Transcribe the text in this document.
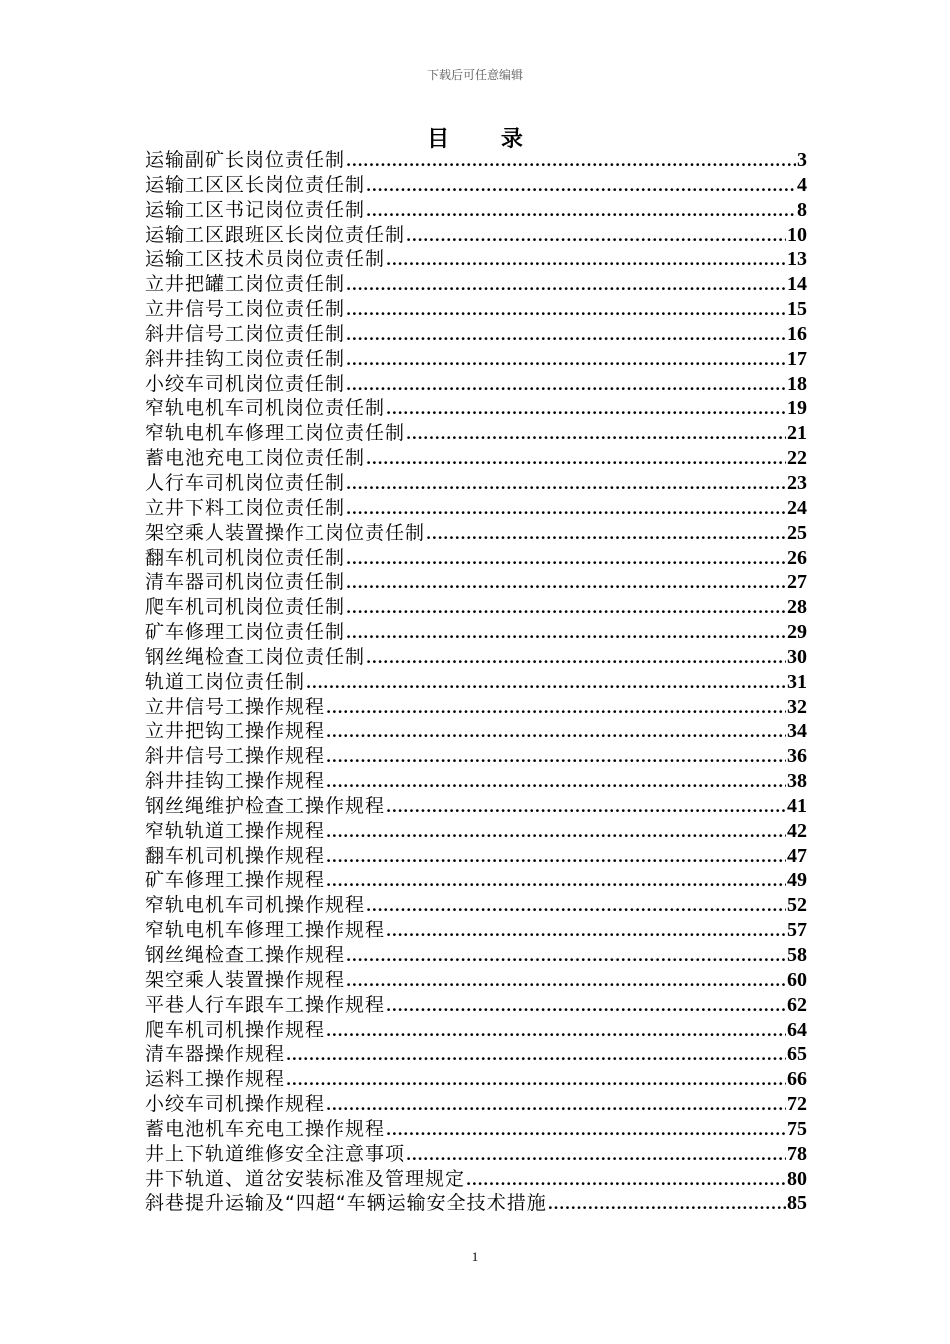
下载后可任意编辑
目 录
运输副矿长岗位责任制 .....	3
运输工区区长岗位责任制 .....	4
运输工区书记岗位责任制 .....	8
运输工区跟班区长岗位责任制 .....	10
运输工区技术员岗位责任制 .....	13
立井把罐工岗位责任制 .....	14
立井信号工岗位责任制 .....	15
斜井信号工岗位责任制 .....	16
斜井挂钩工岗位责任制 .....	17
小绞车司机岗位责任制 .....	18
窄轨电机车司机岗位责任制 .....	19
窄轨电机车修理工岗位责任制 .....	21
蓄电池充电工岗位责任制 .....	22
人行车司机岗位责任制 .....	23
立井下料工岗位责任制 .....	24
架空乘人装置操作工岗位责任制 .....	25
翻车机司机岗位责任制 .....	26
清车器司机岗位责任制 .....	27
爬车机司机岗位责任制 .....	28
矿车修理工岗位责任制 .....	29
钢丝绳检查工岗位责任制 .....	30
轨道工岗位责任制 .....	31
立井信号工操作规程 .....	32
立井把钩工操作规程 .....	34
斜井信号工操作规程 .....	36
斜井挂钩工操作规程 .....	38
钢丝绳维护检查工操作规程 .....	41
窄轨轨道工操作规程 .....	42
翻车机司机操作规程 .....	47
矿车修理工操作规程 .....	49
窄轨电机车司机操作规程 .....	52
窄轨电机车修理工操作规程 .....	57
钢丝绳检查工操作规程 .....	58
架空乘人装置操作规程 .....	60
平巷人行车跟车工操作规程 .....	62
爬车机司机操作规程 .....	64
清车器操作规程 .....	65
运料工操作规程 .....	66
小绞车司机操作规程 .....	72
蓄电池机车充电工操作规程 .....	75
井上下轨道维修安全注意事项 .....	78
井下轨道、道岔安装标准及管理规定 .....	80
斜巷提升运输及“四超“车辆运输安全技术措施 .....	85
1
